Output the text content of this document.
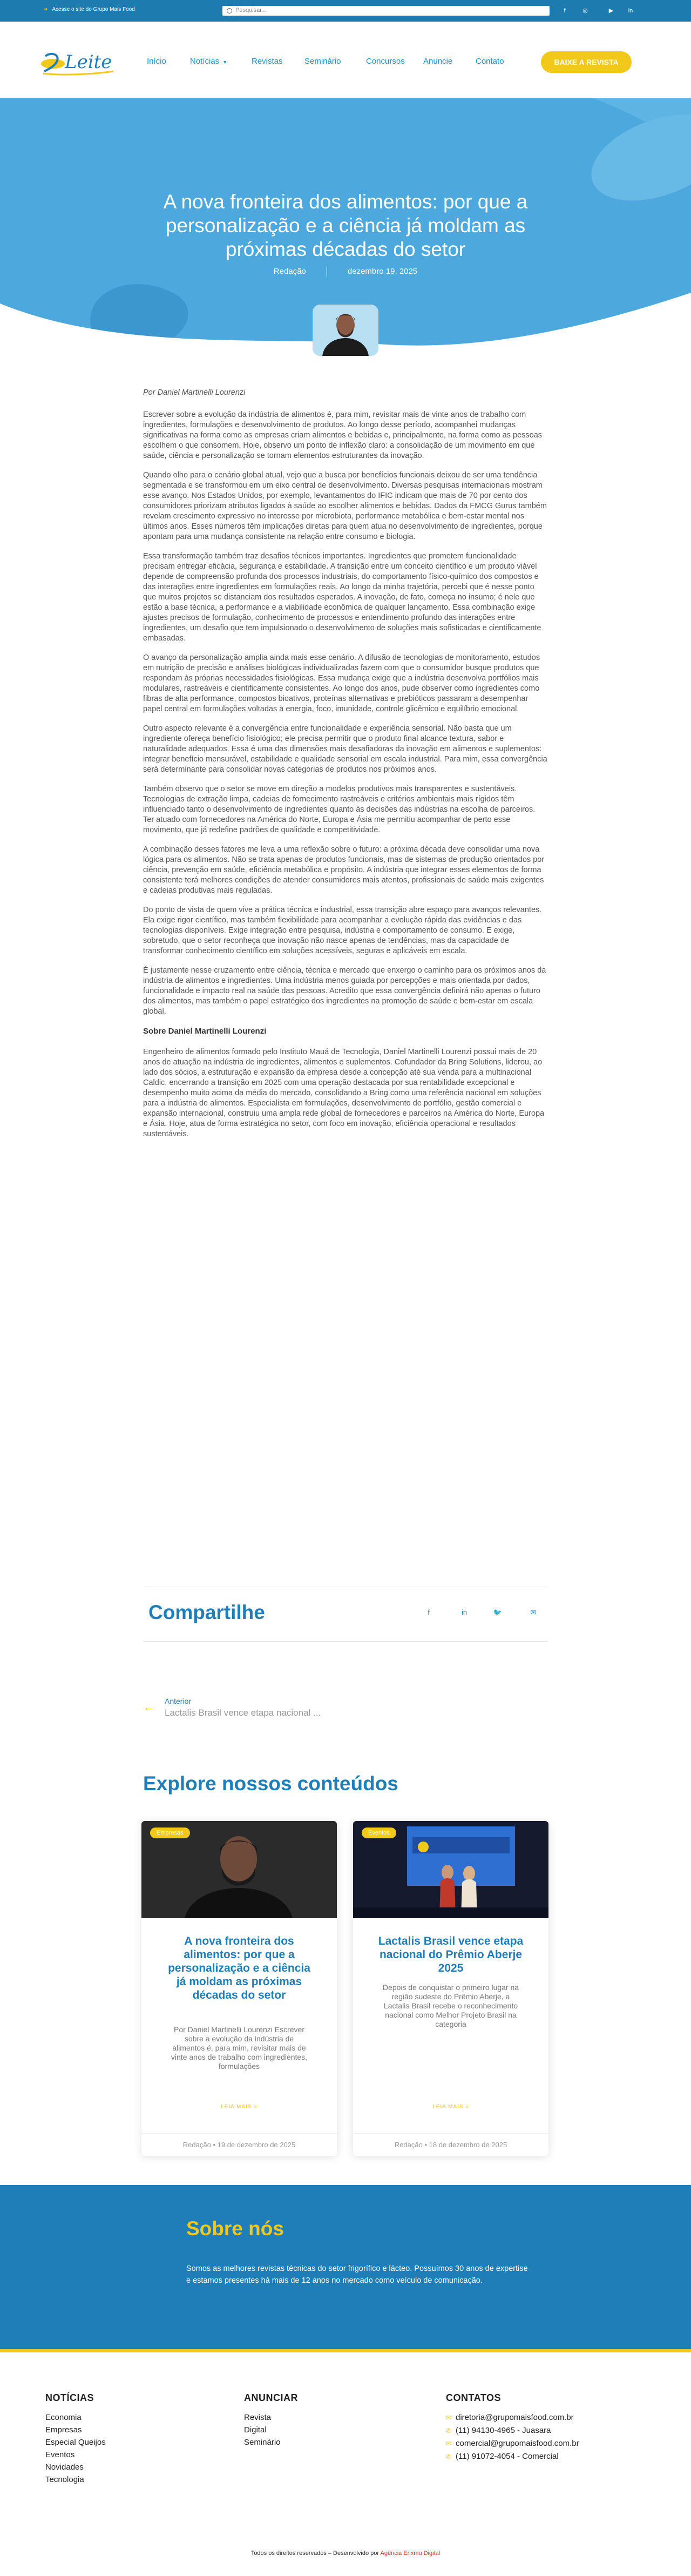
➜ Acesse o site do Grupo Mais Food	Pesquisar...	f	◎	▶	in
Leite	Início	Notícias ▼	Revistas	Seminário	Concursos Anuncie	Contato	BAIXE A REVISTA
A nova fronteira dos alimentos: por que a personalização e a ciência já moldam as próximas décadas do setor
Redação	dezembro 19, 2025

Por Daniel Martinelli Lourenzi

Escrever sobre a evolução da indústria de alimentos é, para mim, revisitar mais de vinte anos de trabalho com ingredientes, formulações e desenvolvimento de produtos. Ao longo desse período, acompanhei mudanças significativas na forma como as empresas criam alimentos e bebidas e, principalmente, na forma como as pessoas escolhem o que consomem. Hoje, observo um ponto de inflexão claro: a consolidação de um movimento em que saúde, ciência e personalização se tornam elementos estruturantes da inovação.

Quando olho para o cenário global atual, vejo que a busca por benefícios funcionais deixou de ser uma tendência segmentada e se transformou em um eixo central de desenvolvimento. Diversas pesquisas internacionais mostram esse avanço. Nos Estados Unidos, por exemplo, levantamentos do IFIC indicam que mais de 70 por cento dos consumidores priorizam atributos ligados à saúde ao escolher alimentos e bebidas. Dados da FMCG Gurus também revelam crescimento expressivo no interesse por microbiota, performance metabólica e bem-estar mental nos últimos anos. Esses números têm implicações diretas para quem atua no desenvolvimento de ingredientes, porque apontam para uma mudança consistente na relação entre consumo e biologia.

Essa transformação também traz desafios técnicos importantes. Ingredientes que prometem funcionalidade precisam entregar eficácia, segurança e estabilidade. A transição entre um conceito científico e um produto viável depende de compreensão profunda dos processos industriais, do comportamento físico-químico dos compostos e das interações entre ingredientes em formulações reais. Ao longo da minha trajetória, percebi que é nesse ponto que muitos projetos se distanciam dos resultados esperados. A inovação, de fato, começa no insumo; é nele que estão a base técnica, a performance e a viabilidade econômica de qualquer lançamento. Essa combinação exige ajustes precisos de formulação, conhecimento de processos e entendimento profundo das interações entre ingredientes, um desafio que tem impulsionado o desenvolvimento de soluções mais sofisticadas e cientificamente embasadas.

O avanço da personalização amplia ainda mais esse cenário. A difusão de tecnologias de monitoramento, estudos em nutrição de precisão e análises biológicas individualizadas fazem com que o consumidor busque produtos que respondam às próprias necessidades fisiológicas. Essa mudança exige que a indústria desenvolva portfólios mais modulares, rastreáveis e cientificamente consistentes. Ao longo dos anos, pude observer como ingredientes como fibras de alta performance, compostos bioativos, proteínas alternativas e prebióticos passaram a desempenhar papel central em formulações voltadas à energia, foco, imunidade, controle glicêmico e equilíbrio emocional.

Outro aspecto relevante é a convergência entre funcionalidade e experiência sensorial. Não basta que um ingrediente ofereça benefício fisiológico; ele precisa permitir que o produto final alcance textura, sabor e naturalidade adequados. Essa é uma das dimensões mais desafiadoras da inovação em alimentos e suplementos: integrar benefício mensurável, estabilidade e qualidade sensorial em escala industrial. Para mim, essa convergência será determinante para consolidar novas categorias de produtos nos próximos anos.

Também observo que o setor se move em direção a modelos produtivos mais transparentes e sustentáveis. Tecnologias de extração limpa, cadeias de fornecimento rastreáveis e critérios ambientais mais rígidos têm influenciado tanto o desenvolvimento de ingredientes quanto às decisões das indústrias na escolha de parceiros. Ter atuado com fornecedores na América do Norte, Europa e Ásia me permitiu acompanhar de perto esse movimento, que já redefine padrões de qualidade e competitividade.

A combinação desses fatores me leva a uma reflexão sobre o futuro: a próxima década deve consolidar uma nova lógica para os alimentos. Não se trata apenas de produtos funcionais, mas de sistemas de produção orientados por ciência, prevenção em saúde, eficiência metabólica e propósito. A indústria que integrar esses elementos de forma consistente terá melhores condições de atender consumidores mais atentos, profissionais de saúde mais exigentes e cadeias produtivas mais reguladas.

Do ponto de vista de quem vive a prática técnica e industrial, essa transição abre espaço para avanços relevantes. Ela exige rigor científico, mas também flexibilidade para acompanhar a evolução rápida das evidências e das tecnologias disponíveis. Exige integração entre pesquisa, indústria e comportamento de consumo. E exige, sobretudo, que o setor reconheça que inovação não nasce apenas de tendências, mas da capacidade de transformar conhecimento científico em soluções acessíveis, seguras e aplicáveis em escala.

É justamente nesse cruzamento entre ciência, técnica e mercado que enxergo o caminho para os próximos anos da indústria de alimentos e ingredientes. Uma indústria menos guiada por percepções e mais orientada por dados, funcionalidade e impacto real na saúde das pessoas. Acredito que essa convergência definirá não apenas o futuro dos alimentos, mas também o papel estratégico dos ingredientes na promoção de saúde e bem-estar em escala global.

Sobre Daniel Martinelli Lourenzi

Engenheiro de alimentos formado pelo Instituto Mauá de Tecnologia, Daniel Martinelli Lourenzi possui mais de 20 anos de atuação na indústria de ingredientes, alimentos e suplementos. Cofundador da Bring Solutions, liderou, ao lado dos sócios, a estruturação e expansão da empresa desde a concepção até sua venda para a multinacional Caldic, encerrando a transição em 2025 com uma operação destacada por sua rentabilidade excepcional e desempenho muito acima da média do mercado, consolidando a Bring como uma referência nacional em soluções para a indústria de alimentos. Especialista em formulações, desenvolvimento de portfólio, gestão comercial e expansão internacional, construiu uma ampla rede global de fornecedores e parceiros na América do Norte, Europa e Ásia. Hoje, atua de forma estratégica no setor, com foco em inovação, eficiência operacional e resultados sustentáveis.

Compartilhe	f	in	🐦	✉
← Anterior
Lactalis Brasil vence etapa nacional ...
Explore nossos conteúdos
Empresas
A nova fronteira dos alimentos: por que a personalização e a ciência já moldam as próximas décadas do setor
Por Daniel Martinelli Lourenzi Escrever sobre a evolução da indústria de alimentos é, para mim, revisitar mais de vinte anos de trabalho com ingredientes, formulações
LEIA MAIS »
Redação • 19 de dezembro de 2025
Eventos
Lactalis Brasil vence etapa nacional do Prêmio Aberje 2025
Depois de conquistar o primeiro lugar na região sudeste do Prêmio Aberje, a Lactalis Brasil recebe o reconhecimento nacional como Melhor Projeto Brasil na categoria
LEIA MAIS »
Redação • 18 de dezembro de 2025
Sobre nós

Somos as melhores revistas técnicas do setor frigorífico e lácteo. Possuímos 30 anos de expertise e estamos presentes há mais de 12 anos no mercado como veículo de comunicação.

NOTÍCIAS
Economia
Empresas
Especial Queijos
Eventos
Novidades
Tecnologia
ANUNCIAR
Revista
Digital
Seminário
CONTATOS
✉ diretoria@grupomaisfood.com.br
✆ (11) 94130-4965 - Juasara
✉ comercial@grupomaisfood.com.br
✆ (11) 91072-4054 - Comercial
Todos os direitos reservados – Desenvolvido por Agência Enxmu Digital
